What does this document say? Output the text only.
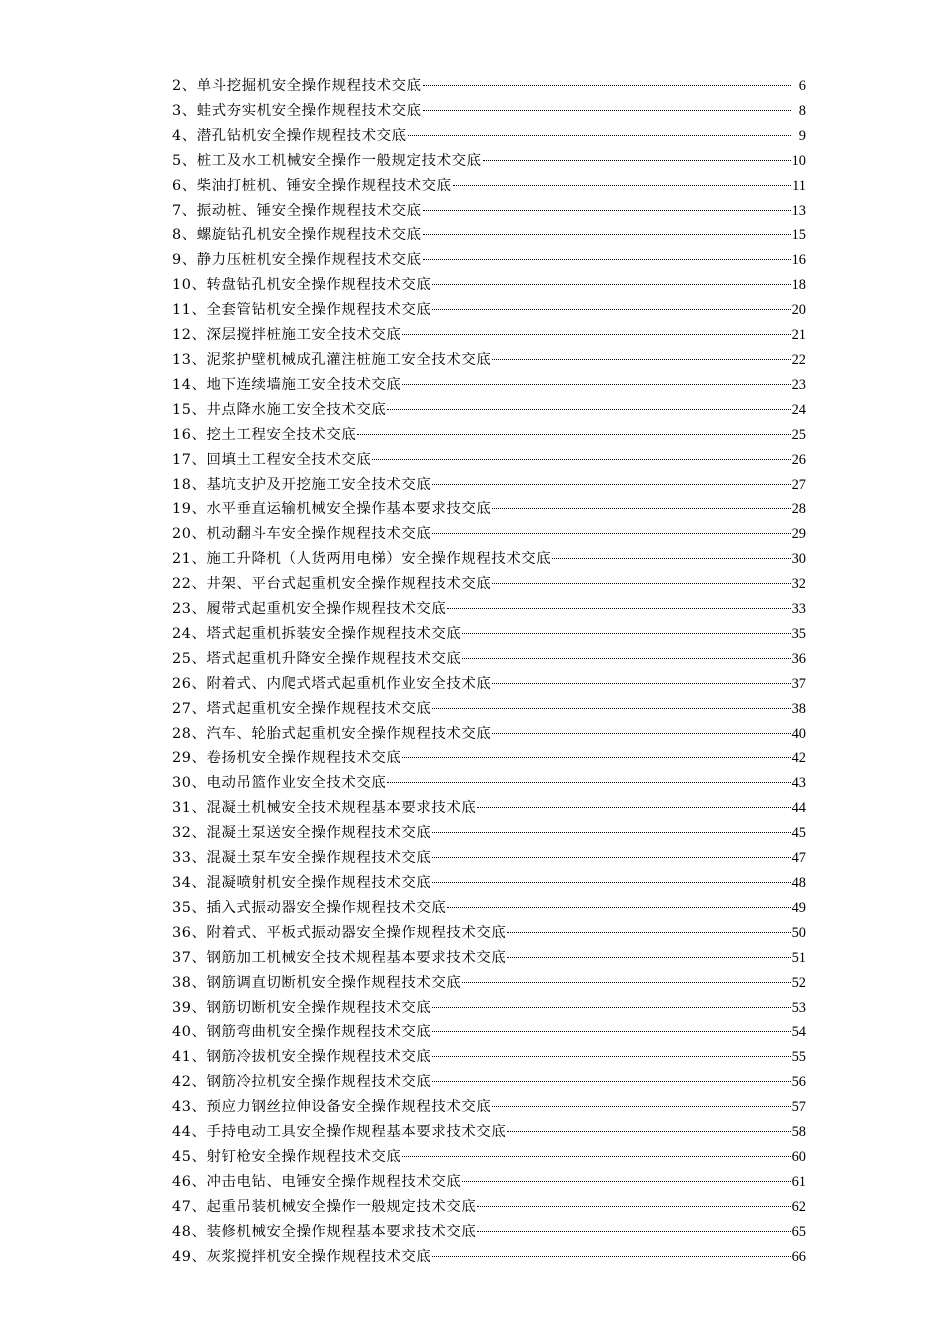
2、单斗挖掘机安全操作规程技术交底	6
3、蛙式夯实机安全操作规程技术交底	8
4、潜孔钻机安全操作规程技术交底	9
5、桩工及水工机械安全操作一般规定技术交底	10
6、柴油打桩机、锤安全操作规程技术交底	11
7、振动桩、锤安全操作规程技术交底	13
8、螺旋钻孔机安全操作规程技术交底	15
9、静力压桩机安全操作规程技术交底	16
10、转盘钻孔机安全操作规程技术交底	18
11、全套管钻机安全操作规程技术交底	20
12、深层搅拌桩施工安全技术交底	21
13、泥浆护壁机械成孔灌注桩施工安全技术交底	22
14、地下连续墙施工安全技术交底	23
15、井点降水施工安全技术交底	24
16、挖土工程安全技术交底	25
17、回填土工程安全技术交底	26
18、基坑支护及开挖施工安全技术交底	27
19、水平垂直运输机械安全操作基本要求技交底	28
20、机动翻斗车安全操作规程技术交底	29
21、施工升降机（人货两用电梯）安全操作规程技术交底	30
22、井架、平台式起重机安全操作规程技术交底	32
23、履带式起重机安全操作规程技术交底	33
24、塔式起重机拆装安全操作规程技术交底	35
25、塔式起重机升降安全操作规程技术交底	36
26、附着式、内爬式塔式起重机作业安全技术底	37
27、塔式起重机安全操作规程技术交底	38
28、汽车、轮胎式起重机安全操作规程技术交底	40
29、卷扬机安全操作规程技术交底	42
30、电动吊篮作业安全技术交底	43
31、混凝土机械安全技术规程基本要求技术底	44
32、混凝土泵送安全操作规程技术交底	45
33、混凝土泵车安全操作规程技术交底	47
34、混凝喷射机安全操作规程技术交底	48
35、插入式振动器安全操作规程技术交底	49
36、附着式、平板式振动器安全操作规程技术交底	50
37、钢筋加工机械安全技术规程基本要求技术交底	51
38、钢筋调直切断机安全操作规程技术交底	52
39、钢筋切断机安全操作规程技术交底	53
40、钢筋弯曲机安全操作规程技术交底	54
41、钢筋冷拔机安全操作规程技术交底	55
42、钢筋冷拉机安全操作规程技术交底	56
43、预应力钢丝拉伸设备安全操作规程技术交底	57
44、手持电动工具安全操作规程基本要求技术交底	58
45、射钉枪安全操作规程技术交底	60
46、冲击电钻、电锤安全操作规程技术交底	61
47、起重吊装机械安全操作一般规定技术交底	62
48、装修机械安全操作规程基本要求技术交底	65
49、灰浆搅拌机安全操作规程技术交底	66
